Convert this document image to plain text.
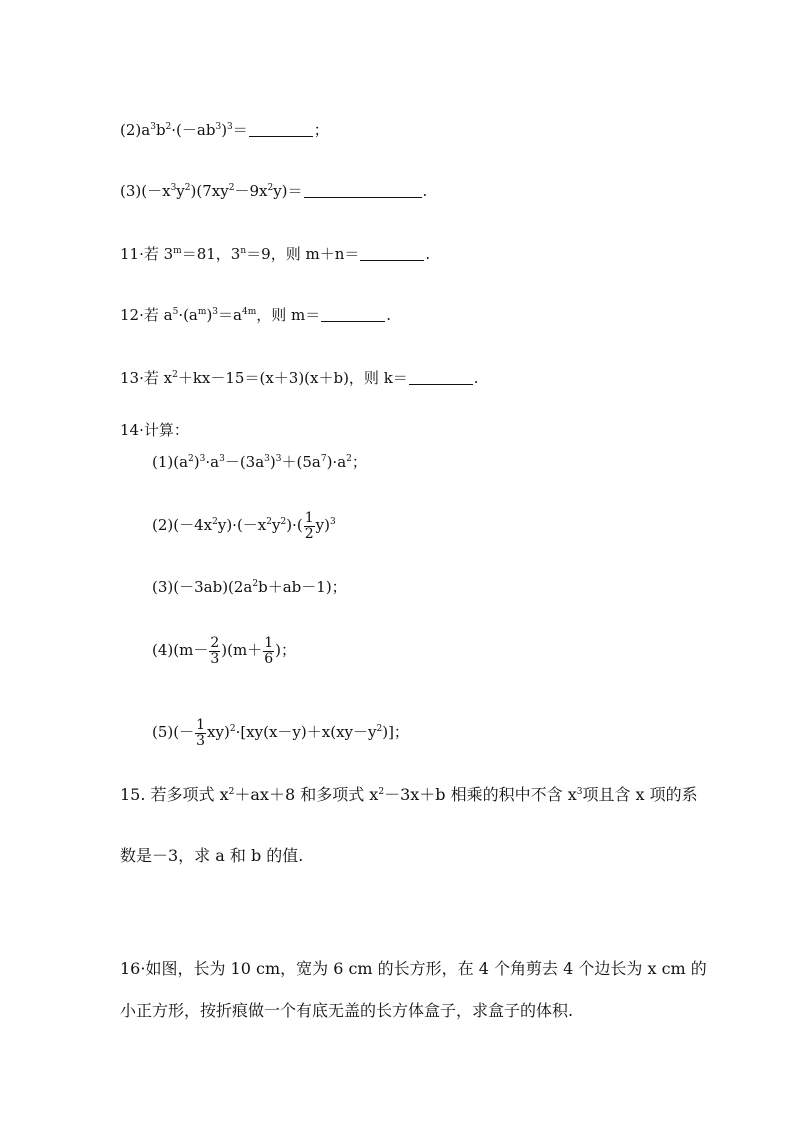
$(2)a^3b^2\cdot(-ab^3)^3=$	；
$(3)(-x^3y^2)(7xy^2-9x^2y)=$	.
11·若 $3^m=81$，$3^n=9$，则 m＋n＝	.
12·若 $a^5\cdot(a^m)^3=a^{4m}$，则 m＝	.
13·若 $x^2+kx-15=(x+3)(x+b)$，则 k＝	.
14·计算：
$(1)(a^2)^3\cdot a^3-(3a^3)^3+(5a^7)\cdot a^2$；
$(2)(-4x^2y)\cdot(-x^2y^2)\cdot( \frac{1}{2} y)^3$
$(3)(-3ab)(2a^2b+ab-1)$；
$(4)(m- \frac{2}{3} )(m+ \frac{1}{6}$ )；
$(5)(- \frac{1}{3} xy)^2\cdot[xy(x-y)+x(xy-y^2)]$；
15. 若多项式 $x^2+ax+8$ 和多项式 $x^2-3x+b$ 相乘的积中不含 $x^3$项且含 x 项的系
数是－3，求 a 和 b 的值.
16·如图，长为 10 cm，宽为 6 cm 的长方形，在 4 个角剪去 4 个边长为 x cm 的
小正方形，按折痕做一个有底无盖的长方体盒子，求盒子的体积.
